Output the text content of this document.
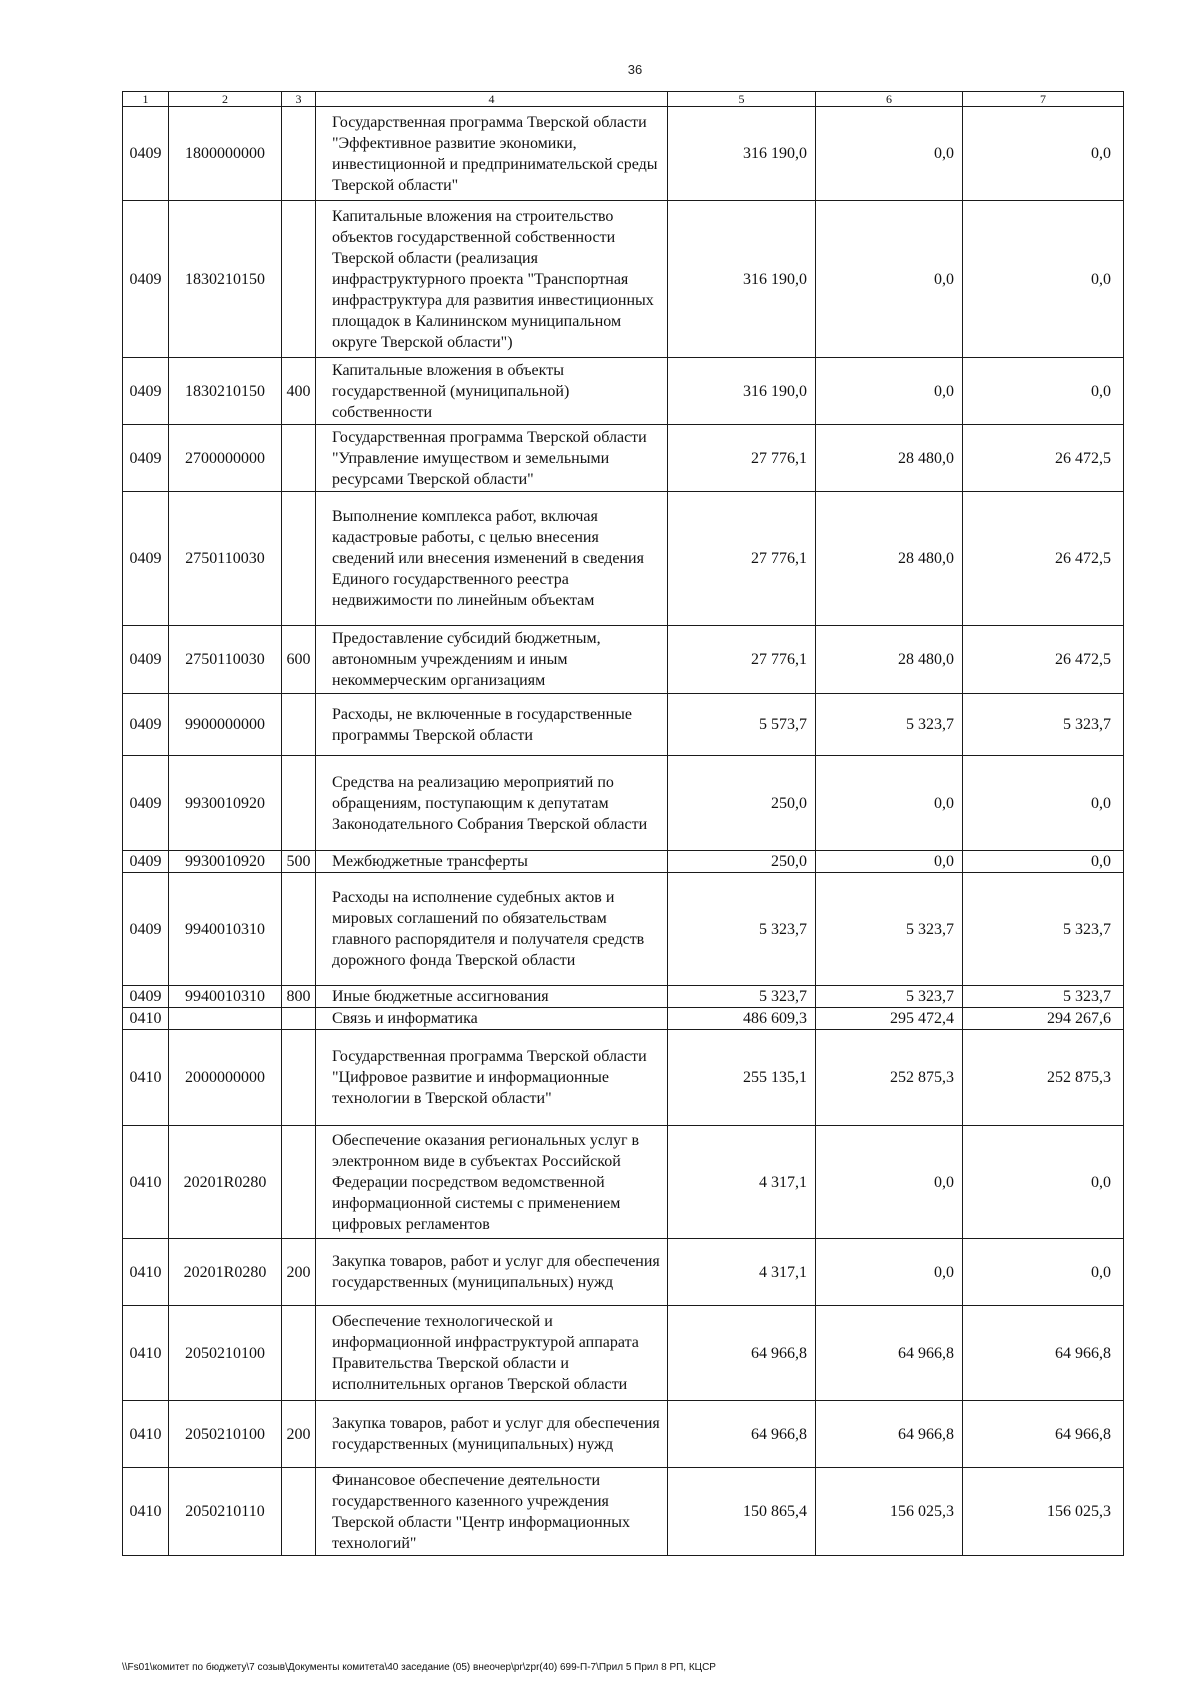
36
1	2	3	4	5	6	7
0409	1800000000		Государственная программа Тверской области "Эффективное развитие экономики, инвестиционной и предпринимательской среды Тверской области"	316 190,0	0,0	0,0
0409	1830210150		Капитальные вложения на строительство объектов государственной собственности Тверской области (реализация инфраструктурного проекта "Транспортная инфраструктура для развития инвестиционных площадок в Калининском муниципальном округе Тверской области")	316 190,0	0,0	0,0
0409	1830210150	400	Капитальные вложения в объекты государственной (муниципальной) собственности	316 190,0	0,0	0,0
0409	2700000000		Государственная программа Тверской области "Управление имуществом и земельными ресурсами Тверской области"	27 776,1	28 480,0	26 472,5
0409	2750110030		Выполнение комплекса работ, включая кадастровые работы, с целью внесения сведений или внесения изменений в сведения Единого государственного реестра недвижимости по линейным объектам	27 776,1	28 480,0	26 472,5
0409	2750110030	600	Предоставление субсидий бюджетным, автономным учреждениям и иным некоммерческим организациям	27 776,1	28 480,0	26 472,5
0409	9900000000		Расходы, не включенные в государственные программы Тверской области	5 573,7	5 323,7	5 323,7
0409	9930010920		Средства на реализацию мероприятий по обращениям, поступающим к депутатам Законодательного Собрания Тверской области	250,0	0,0	0,0
0409	9930010920	500	Межбюджетные трансферты	250,0	0,0	0,0
0409	9940010310		Расходы на исполнение судебных актов и мировых соглашений по обязательствам главного распорядителя и получателя средств дорожного фонда Тверской области	5 323,7	5 323,7	5 323,7
0409	9940010310	800	Иные бюджетные ассигнования	5 323,7	5 323,7	5 323,7
0410			Связь и информатика	486 609,3	295 472,4	294 267,6
0410	2000000000		Государственная программа Тверской области "Цифровое развитие и информационные технологии в Тверской области"	255 135,1	252 875,3	252 875,3
0410	20201R0280		Обеспечение оказания региональных услуг в электронном виде в субъектах Российской Федерации посредством ведомственной информационной системы с применением цифровых регламентов	4 317,1	0,0	0,0
0410	20201R0280	200	Закупка товаров, работ и услуг для обеспечения государственных (муниципальных) нужд	4 317,1	0,0	0,0
0410	2050210100		Обеспечение технологической и информационной инфраструктурой аппарата Правительства Тверской области и исполнительных органов Тверской области	64 966,8	64 966,8	64 966,8
0410	2050210100	200	Закупка товаров, работ и услуг для обеспечения государственных (муниципальных) нужд	64 966,8	64 966,8	64 966,8
0410	2050210110		Финансовое обеспечение деятельности государственного казенного учреждения Тверской области "Центр информационных технологий"	150 865,4	156 025,3	156 025,3
\\Fs01\комитет по бюджету\7 созыв\Документы комитета\40 заседание (05) внеочер\pr\zpr(40) 699-П-7\Прил 5 Прил 8 РП, КЦСР
